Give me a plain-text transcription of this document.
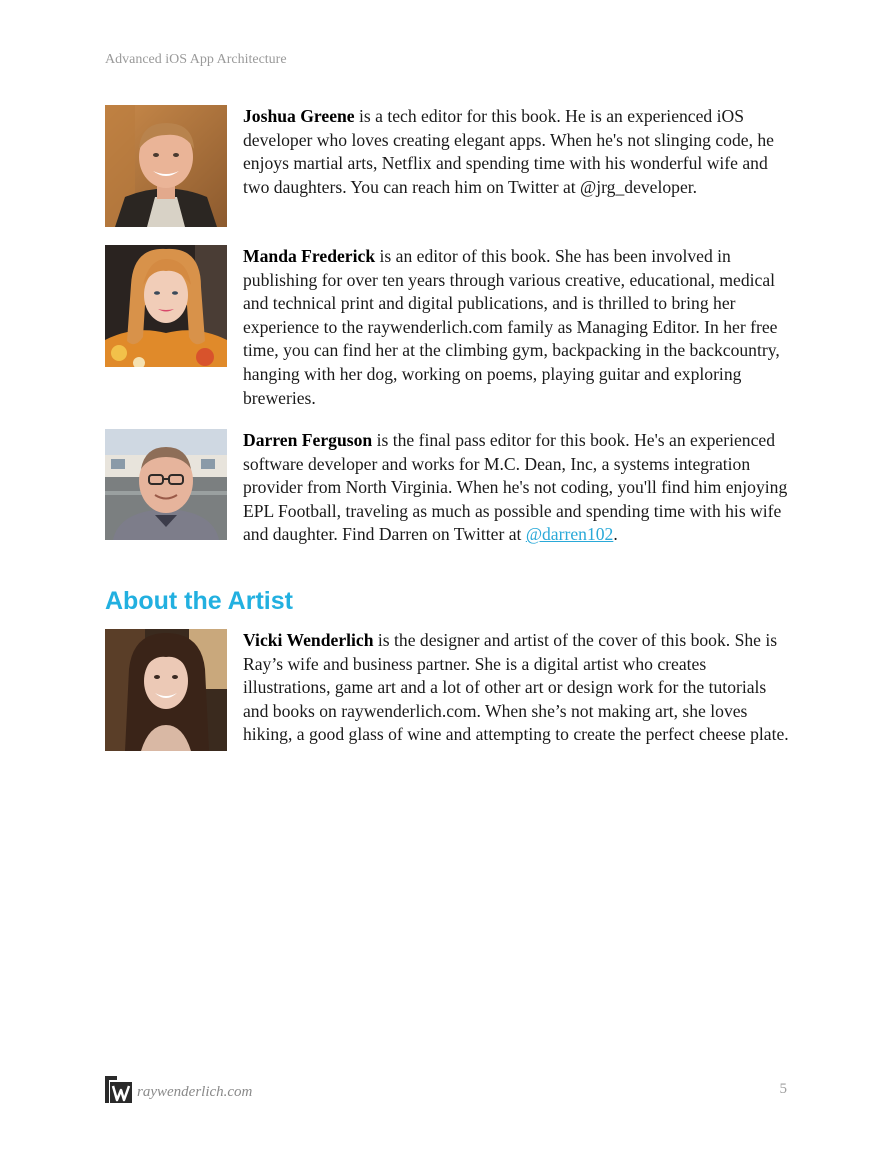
Advanced iOS App Architecture
Joshua Greene is a tech editor for this book. He is an experienced iOS developer who loves creating elegant apps. When he's not slinging code, he enjoys martial arts, Netflix and spending time with his wonderful wife and two daughters. You can reach him on Twitter at @jrg_developer.
Manda Frederick is an editor of this book. She has been involved in publishing for over ten years through various creative, educational, medical and technical print and digital publications, and is thrilled to bring her experience to the raywenderlich.com family as Managing Editor. In her free time, you can find her at the climbing gym, backpacking in the backcountry, hanging with her dog, working on poems, playing guitar and exploring breweries.
Darren Ferguson is the final pass editor for this book. He's an experienced software developer and works for M.C. Dean, Inc, a systems integration provider from North Virginia. When he's not coding, you'll find him enjoying EPL Football, traveling as much as possible and spending time with his wife and daughter. Find Darren on Twitter at @darren102.
About the Artist
Vicki Wenderlich is the designer and artist of the cover of this book. She is Ray’s wife and business partner. She is a digital artist who creates illustrations, game art and a lot of other art or design work for the tutorials and books on raywenderlich.com. When she’s not making art, she loves hiking, a good glass of wine and attempting to create the perfect cheese plate.
raywenderlich.com	5
